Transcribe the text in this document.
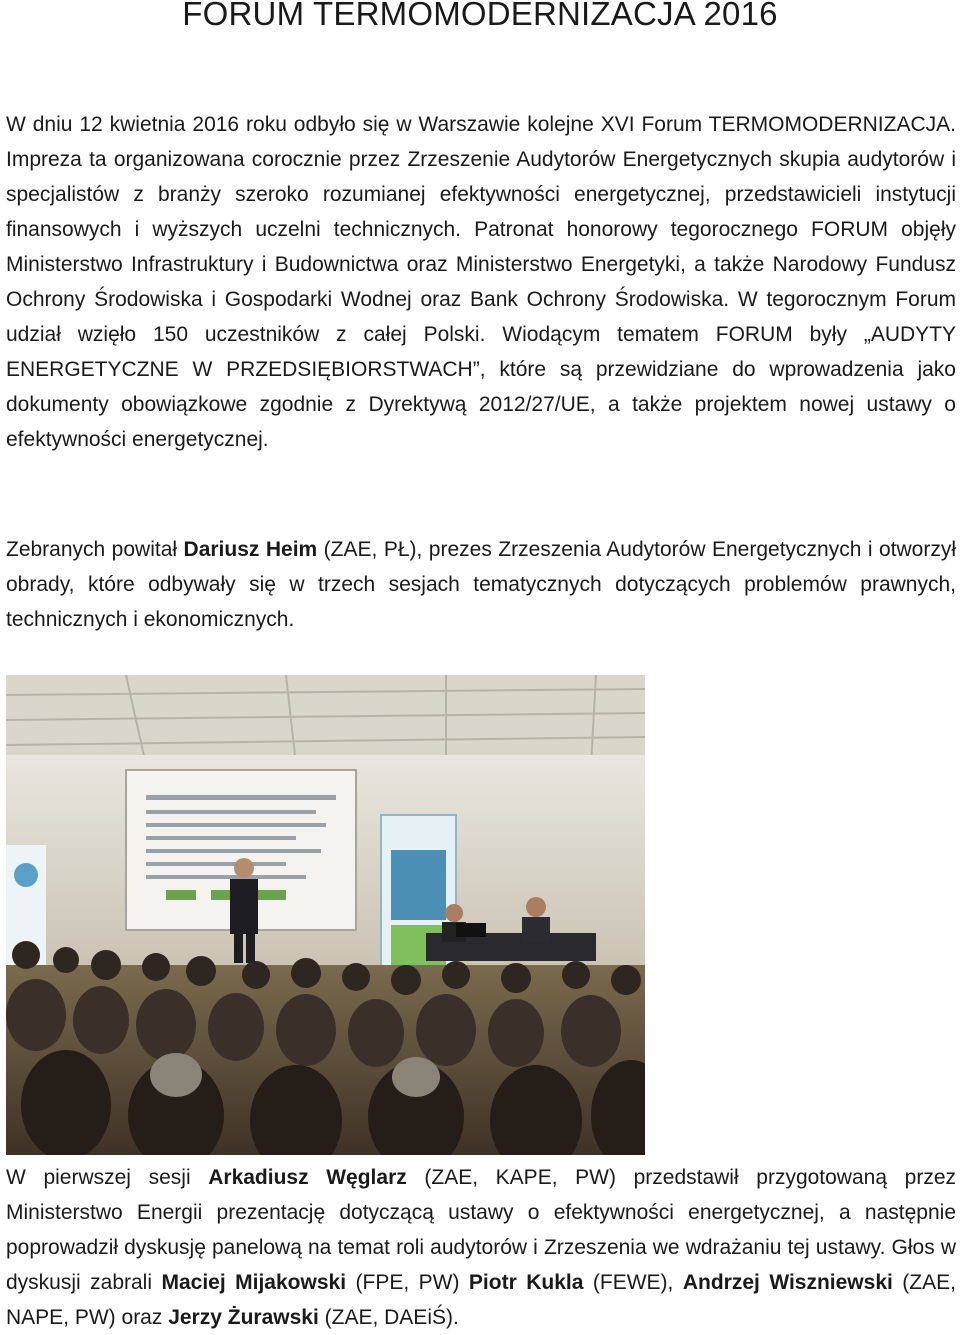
FORUM TERMOMODERNIZACJA 2016

W dniu 12 kwietnia 2016 roku odbyło się w Warszawie kolejne XVI Forum TERMOMODERNIZACJA. Impreza ta organizowana corocznie przez Zrzeszenie Audytorów Energetycznych skupia audytorów i specjalistów z branży szeroko rozumianej efektywności energetycznej, przedstawicieli instytucji finansowych i wyższych uczelni technicznych. Patronat honorowy tegorocznego FORUM objęły Ministerstwo Infrastruktury i Budownictwa oraz Ministerstwo Energetyki, a także Narodowy Fundusz Ochrony Środowiska i Gospodarki Wodnej oraz Bank Ochrony Środowiska. W tegorocznym Forum udział wzięło 150 uczestników z całej Polski. Wiodącym tematem FORUM były „AUDYTY ENERGETYCZNE W PRZEDSIĘBIORSTWACH”, które są przewidziane do wprowadzenia jako dokumenty obowiązkowe zgodnie z Dyrektywą 2012/27/UE, a także projektem nowej ustawy o efektywności energetycznej.

Zebranych powitał Dariusz Heim (ZAE, PŁ), prezes Zrzeszenia Audytorów Energetycznych i otworzył obrady, które odbywały się w trzech sesjach tematycznych dotyczących problemów prawnych, technicznych i ekonomicznych.

W pierwszej sesji Arkadiusz Węglarz (ZAE, KAPE, PW) przedstawił przygotowaną przez Ministerstwo Energii prezentację dotyczącą ustawy o efektywności energetycznej, a następnie poprowadził dyskusję panelową na temat roli audytorów i Zrzeszenia we wdrażaniu tej ustawy. Głos w dyskusji zabrali Maciej Mijakowski (FPE, PW) Piotr Kukla (FEWE), Andrzej Wiszniewski (ZAE, NAPE, PW) oraz Jerzy Żurawski (ZAE, DAEiŚ).
